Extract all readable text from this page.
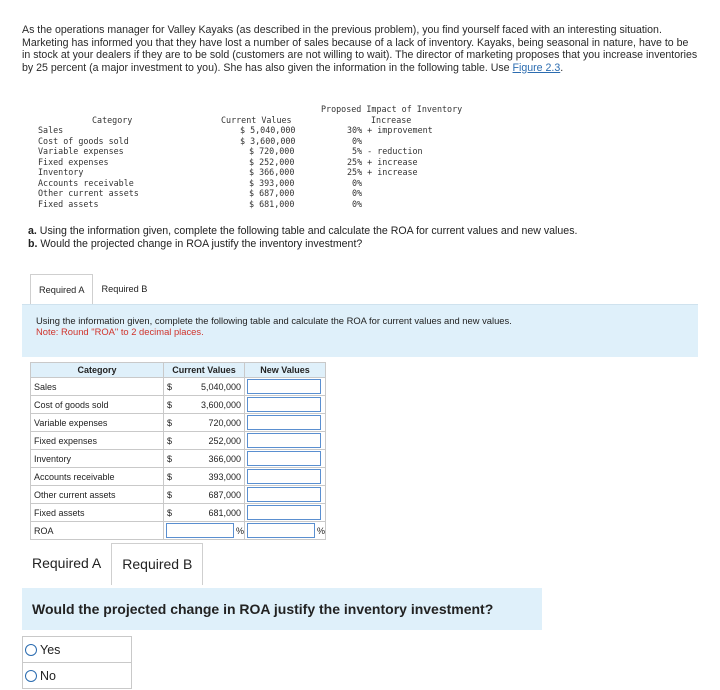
As the operations manager for Valley Kayaks (as described in the previous problem), you find yourself faced with an interesting situation. Marketing has informed you that they have lost a number of sales because of a lack of inventory. Kayaks, being seasonal in nature, have to be in stock at your dealers if they are to be sold (customers are not willing to wait). The director of marketing proposes that you increase inventories by 25 percent (a major investment to you). She has also given the information in the following table. Use Figure 2.3.
Proposed Impact of Inventory
Category	Current Values	Increase
Sales	$ 5,040,000	30% + improvement
Cost of goods sold	$ 3,600,000	0%
Variable expenses	$ 720,000	5% - reduction
Fixed expenses	$ 252,000	25% + increase
Inventory	$ 366,000	25% + increase
Accounts receivable	$ 393,000	0%
Other current assets	$ 687,000	0%
Fixed assets	$ 681,000	0%
a. Using the information given, complete the following table and calculate the ROA for current values and new values.
b. Would the projected change in ROA justify the inventory investment?
Required A	Required B
Using the information given, complete the following table and calculate the ROA for current values and new values.
Note: Round "ROA" to 2 decimal places.
Category	Current Values		New Values
Sales	$	5,040,000	

Cost of goods sold	$	3,600,000	

Variable expenses	$	720,000	

Fixed expenses	$	252,000	

Inventory	$	366,000	

Accounts receivable	$	393,000	

Other current assets	$	687,000	

Fixed assets	$	681,000	

ROA	%		%
Required A	Required B
Would the projected change in ROA justify the inventory investment?
Yes
No
